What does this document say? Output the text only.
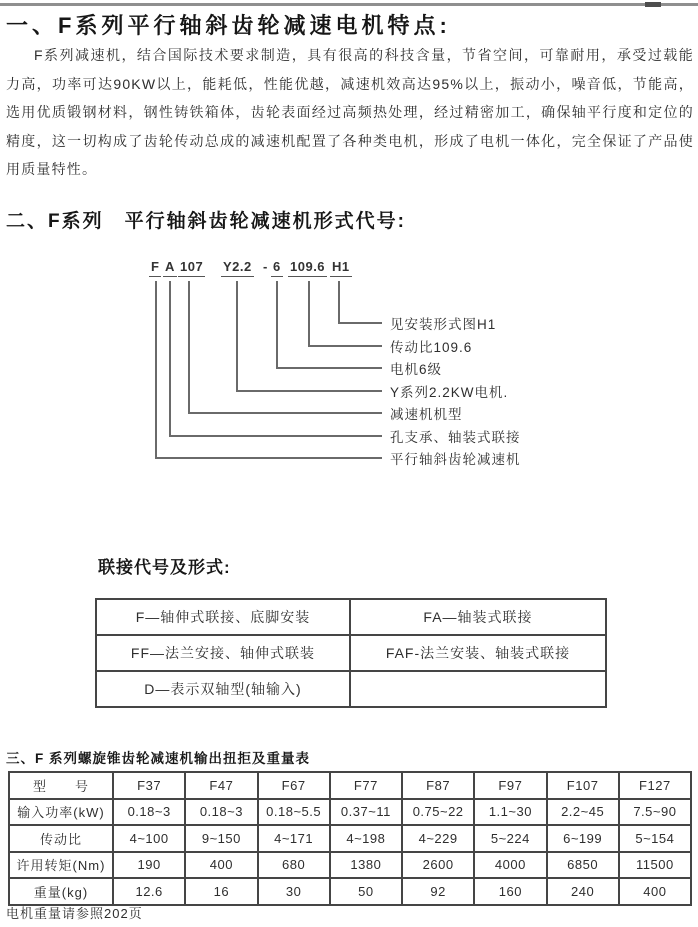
一、F系列平行轴斜齿轮减速电机特点:
F系列减速机，结合国际技术要求制造，具有很高的科技含量，节省空间，可靠耐用，承受过载能力高，功率可达90KW以上，能耗低，性能优越，减速机效高达95%以上，振动小，噪音低，节能高，选用优质锻钢材料，钢性铸铁箱体，齿轮表面经过高频热处理，经过精密加工，确保轴平行度和定位的精度，这一切构成了齿轮传动总成的减速机配置了各种类电机，形成了电机一体化，完全保证了产品使用质量特性。
二、F系列　平行轴斜齿轮减速机形式代号:
F A 107 Y2.2 - 6 109.6 H1
见安装形式图H1
传动比109.6
电机6级
Y系列2.2KW电机.
减速机机型
孔支承、轴装式联接
平行轴斜齿轮减速机
联接代号及形式:
F—轴伸式联接、底脚安装	FA—轴装式联接
FF—法兰安接、轴伸式联装	FAF-法兰安装、轴装式联接
D—表示双轴型(轴输入)	
三、F 系列螺旋锥齿轮减速机输出扭拒及重量表
型　　号	F37	F47	F67	F77	F87	F97	F107	F127
输入功率(kW)	0.18~3	0.18~3	0.18~5.5	0.37~11	0.75~22	1.1~30	2.2~45	7.5~90
传动比	4~100	9~150	4~171	4~198	4~229	5~224	6~199	5~154
许用转矩(Nm)	190	400	680	1380	2600	4000	6850	11500
重量(kg)	12.6	16	30	50	92	160	240	400
电机重量请参照202页
